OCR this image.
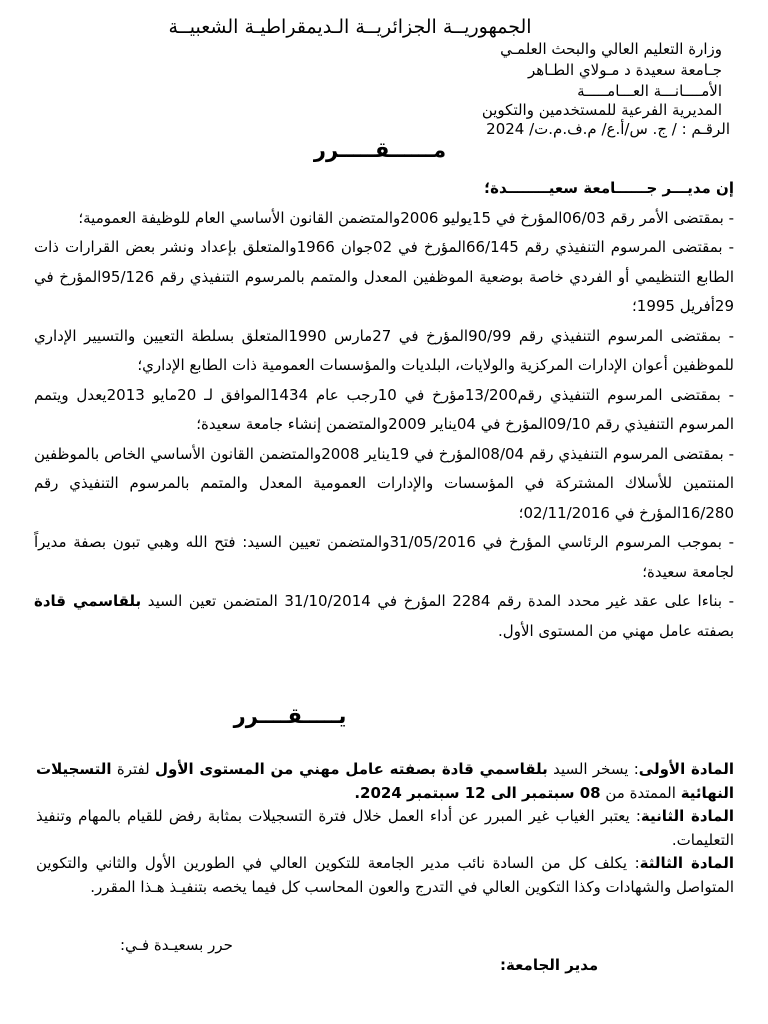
الجمهوريــة الجزائريــة الـديمقراطيـة الشعبيــة
وزارة التعليم العالي والبحث العلمـي
جـامعة سعيدة د مـولاي الطـاهر
الأمــــانـــة العـــامـــــة
المديرية الفرعية للمستخدمين والتكوين
الرقـم : / ج. س/أ.ع/ م.ف.م.ت/ 2024
مــــــقـــــرر

إن مديـــر جــــــامعة سعيــــــــدة؛

- بمقتضى الأمر رقم 06/03المؤرخ في 15يوليو 2006والمتضمن القانون الأساسي العام للوظيفة العمومية؛

- بمقتضى المرسوم التنفيذي رقم 66/145المؤرخ في 02جوان 1966والمتعلق بإعداد ونشر بعض القرارات ذات الطابع التنظيمي أو الفردي خاصة بوضعية الموظفين المعدل والمتمم بالمرسوم التنفيذي رقم 95/126المؤرخ في 29أفريل 1995؛

- بمقتضى المرسوم التنفيذي رقم 90/99المؤرخ في 27مارس 1990المتعلق بسلطة التعيين والتسيير الإداري للموظفين أعوان الإدارات المركزية والولايات، البلديات والمؤسسات العمومية ذات الطابع الإداري؛

- بمقتضى المرسوم التنفيذي رقم13/200مؤرخ في 10رجب عام 1434الموافق لـ 20مايو 2013يعدل ويتمم المرسوم التنفيذي رقم 09/10المؤرخ في 04يناير 2009والمتضمن إنشاء جامعة سعيدة؛

- بمقتضى المرسوم التنفيذي رقم 08/04المؤرخ في 19يناير 2008والمتضمن القانون الأساسي الخاص بالموظفين المنتمين للأسلاك المشتركة في المؤسسات والإدارات العمومية المعدل والمتمم بالمرسوم التنفيذي رقم 16/280المؤرخ في 02/11/2016؛

- بموجب المرسوم الرئاسي المؤرخ في 31/05/2016والمتضمن تعيين السيد: فتح الله وهبي تبون بصفة مديراً لجامعة سعيدة؛

- بناءا على عقد غير محدد المدة رقم 2284 المؤرخ في 31/10/2014 المتضمن تعين السيد بلقاسمي قادة بصفته عامل مهني من المستوى الأول.

يـــــقــــرر

المادة الأولى: يسخر السيد بلقاسمي قادة بصفته عامل مهني من المستوى الأول لفترة التسجيلات النهائية الممتدة من 08 سبتمبر الى 12 سبتمبر 2024.

المادة الثانية: يعتبر الغياب غير المبرر عن أداء العمل خلال فترة التسجيلات بمثابة رفض للقيام بالمهام وتنفيذ التعليمات.

المادة الثالثة: يكلف كل من السادة نائب مدير الجامعة للتكوين العالي في الطورين الأول والثاني والتكوين المتواصل والشهادات وكذا التكوين العالي في التدرج والعون المحاسب كل فيما يخصه بتنفيـذ هـذا المقرر.

حرر بسعيـدة فـي:
مدير الجامعة:
